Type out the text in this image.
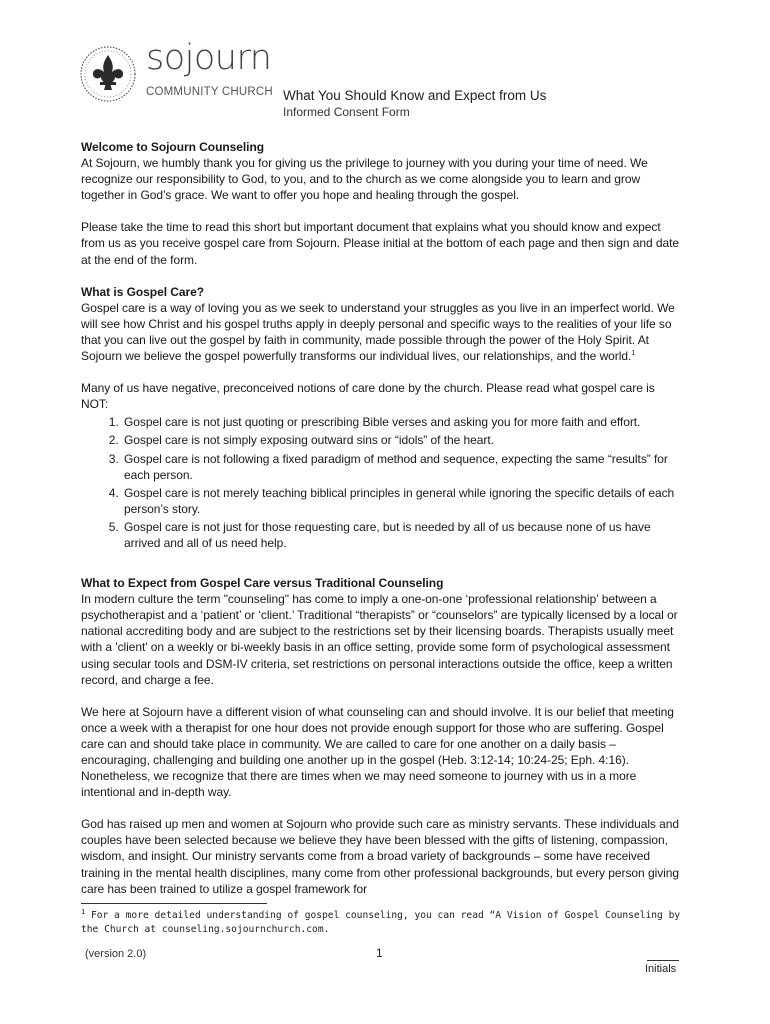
sojourn
COMMUNITY CHURCH What You Should Know and Expect from Us
Informed Consent Form
Welcome to Sojourn Counseling

At Sojourn, we humbly thank you for giving us the privilege to journey with you during your time of need. We recognize our responsibility to God, to you, and to the church as we come alongside you to learn and grow together in God’s grace. We want to offer you hope and healing through the gospel.

Please take the time to read this short but important document that explains what you should know and expect from us as you receive gospel care from Sojourn. Please initial at the bottom of each page and then sign and date at the end of the form.

What is Gospel Care?

Gospel care is a way of loving you as we seek to understand your struggles as you live in an imperfect world. We will see how Christ and his gospel truths apply in deeply personal and specific ways to the realities of your life so that you can live out the gospel by faith in community, made possible through the power of the Holy Spirit. At Sojourn we believe the gospel powerfully transforms our individual lives, our relationships, and the world.$^1$

Many of us have negative, preconceived notions of care done by the church. Please read what gospel care is NOT:

1. Gospel care is not just quoting or prescribing Bible verses and asking you for more faith and effort.
2. Gospel care is not simply exposing outward sins or “idols” of the heart.
3. Gospel care is not following a fixed paradigm of method and sequence, expecting the same “results” for each person.
4. Gospel care is not merely teaching biblical principles in general while ignoring the specific details of each person’s story.
5. Gospel care is not just for those requesting care, but is needed by all of us because none of us have arrived and all of us need help.
What to Expect from Gospel Care versus Traditional Counseling

In modern culture the term "counseling" has come to imply a one-on-one ‘professional relationship’ between a psychotherapist and a ‘patient’ or ‘client.’ Traditional “therapists” or “counselors” are typically licensed by a local or national accrediting body and are subject to the restrictions set by their licensing boards. Therapists usually meet with a 'client' on a weekly or bi-weekly basis in an office setting, provide some form of psychological assessment using secular tools and DSM-IV criteria, set restrictions on personal interactions outside the office, keep a written record, and charge a fee.

We here at Sojourn have a different vision of what counseling can and should involve. It is our belief that meeting once a week with a therapist for one hour does not provide enough support for those who are suffering. Gospel care can and should take place in community. We are called to care for one another on a daily basis – encouraging, challenging and building one another up in the gospel (Heb. 3:12-14; 10:24-25; Eph. 4:16). Nonetheless, we recognize that there are times when we may need someone to journey with us in a more intentional and in-depth way.

God has raised up men and women at Sojourn who provide such care as ministry servants. These individuals and couples have been selected because we believe they have been blessed with the gifts of listening, compassion, wisdom, and insight. Our ministry servants come from a broad variety of backgrounds – some have received training in the mental health disciplines, many come from other professional backgrounds, but every person giving care has been trained to utilize a gospel framework for

$^1$ For a more detailed understanding of gospel counseling, you can read “A Vision of Gospel Counseling by the Church at counseling.sojournchurch.com.
(version 2.0)	1
Initials
